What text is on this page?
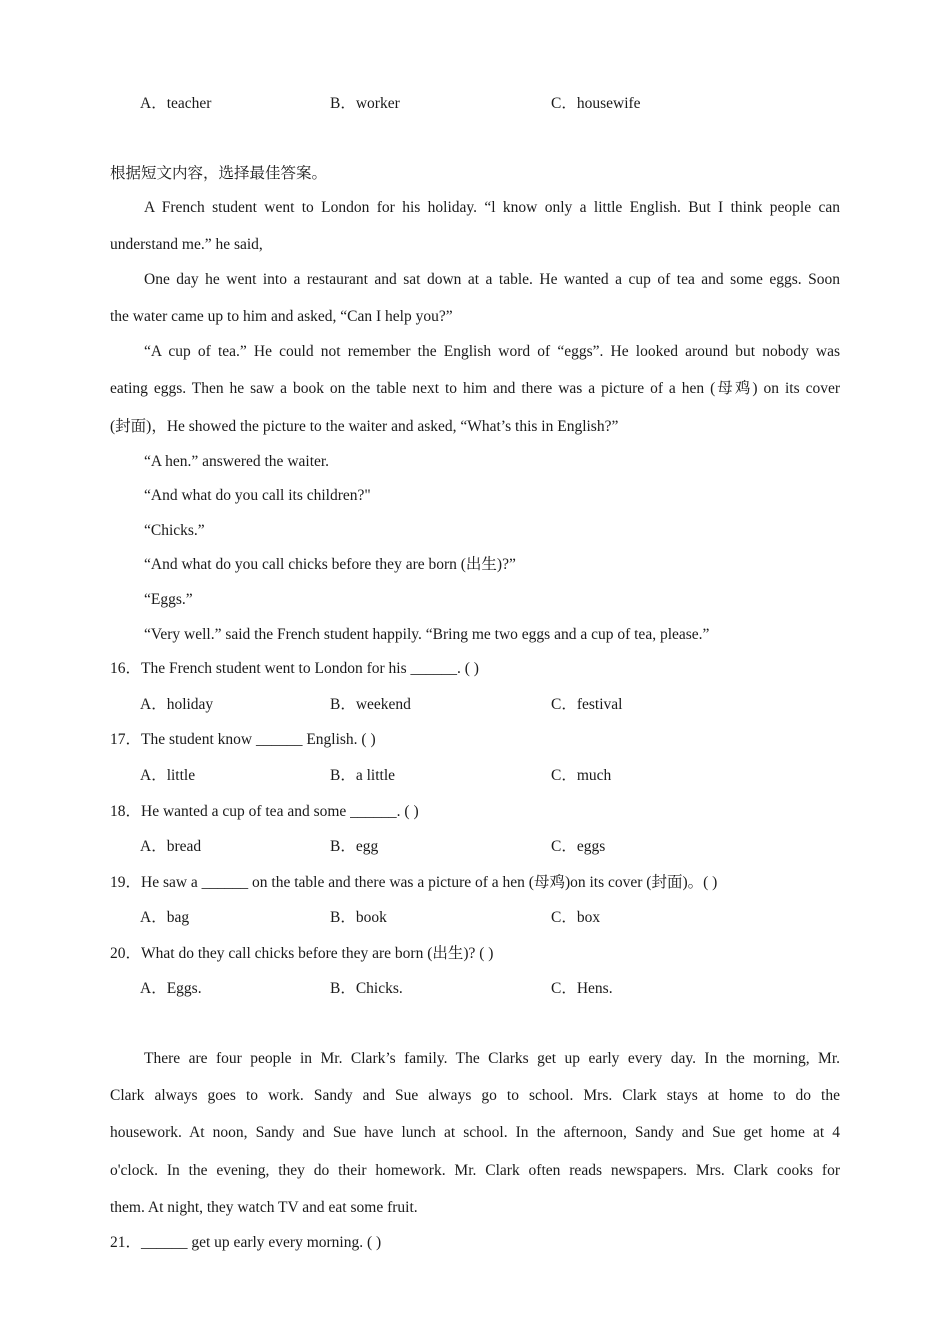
A．teacher	B．worker	C．housewife
根据短文内容，选择最佳答案。
A French student went to London for his holiday. “l know only a little English. But I think people can
understand me.” he said,
One day he went into a restaurant and sat down at a table. He wanted a cup of tea and some eggs. Soon
the water came up to him and asked, “Can I help you?”
“A cup of tea.” He could not remember the English word of “eggs”. He looked around but nobody was
eating eggs. Then he saw a book on the table next to him and there was a picture of a hen (母鸡) on its cover
(封面)，He showed the picture to the waiter and asked, “What’s this in English?”
“A hen.” answered the waiter.
“And what do you call its children?"
“Chicks.”
“And what do you call chicks before they are born (出生)?”
“Eggs.”
“Very well.” said the French student happily. “Bring me two eggs and a cup of tea, please.”
16．The French student went to London for his ______. ( )
A．holiday	B．weekend	C．festival
17．The student know ______ English. ( )
A．little	B．a little	C．much
18．He wanted a cup of tea and some ______. ( )
A．bread	B．egg	C．eggs
19．He saw a ______ on the table and there was a picture of a hen (母鸡)on its cover (封面)。( )
A．bag	B．book	C．box
20．What do they call chicks before they are born (出生)? ( )
A．Eggs.	B．Chicks.	C．Hens.
There are four people in Mr. Clark’s family. The Clarks get up early every day. In the morning, Mr.
Clark always goes to work. Sandy and Sue always go to school. Mrs. Clark stays at home to do the
housework. At noon, Sandy and Sue have lunch at school. In the afternoon, Sandy and Sue get home at 4
o'clock. In the evening, they do their homework. Mr. Clark often reads newspapers. Mrs. Clark cooks for
them. At night, they watch TV and eat some fruit.
21．______ get up early every morning. ( )
